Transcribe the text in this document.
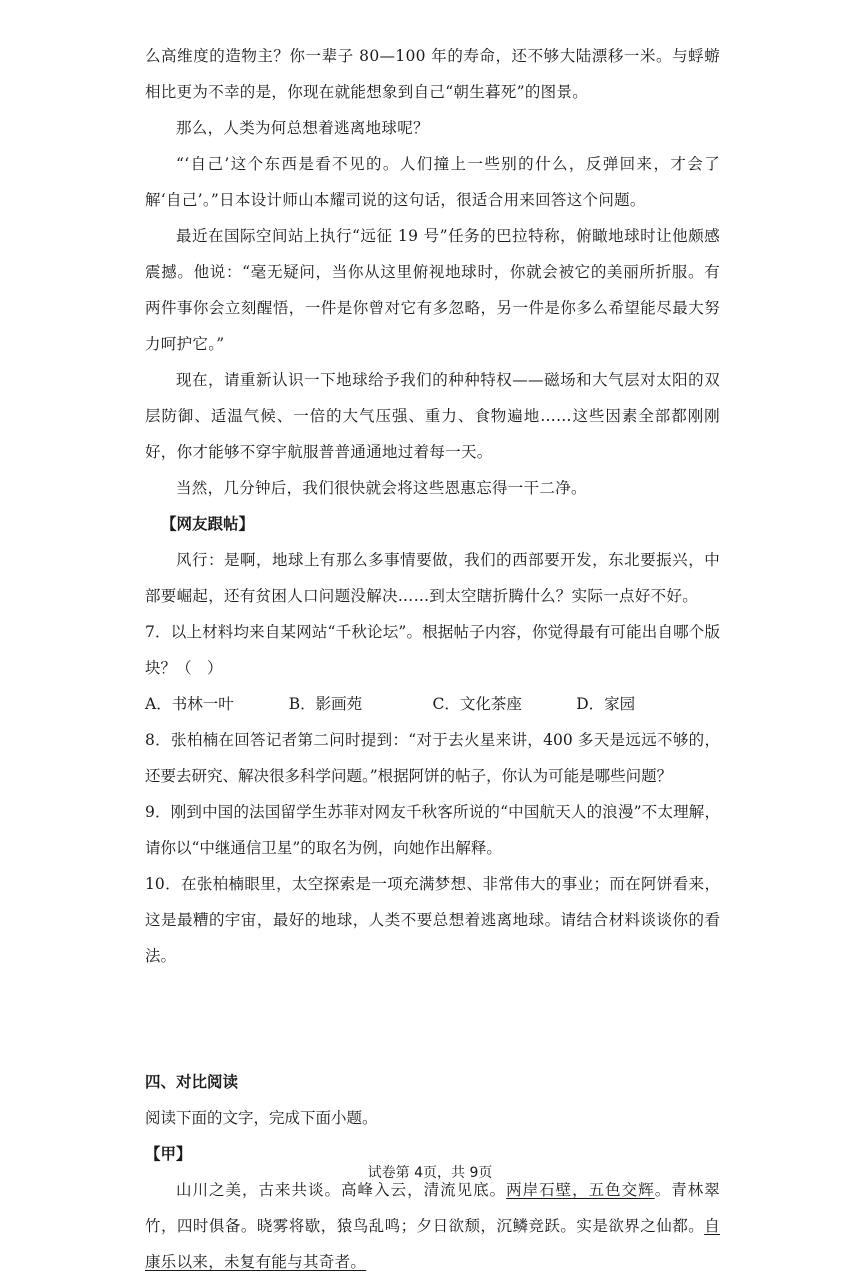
么高维度的造物主？你一辈子 80—100 年的寿命，还不够大陆漂移一米。与蜉蝣相比更为不幸的是，你现在就能想象到自己“朝生暮死”的图景。

那么，人类为何总想着逃离地球呢？

“‘自己’这个东西是看不见的。人们撞上一些别的什么，反弹回来，才会了解‘自己’。”日本设计师山本耀司说的这句话，很适合用来回答这个问题。

最近在国际空间站上执行“远征 19 号”任务的巴拉特称，俯瞰地球时让他颇感震撼。他说：“毫无疑问，当你从这里俯视地球时，你就会被它的美丽所折服。有两件事你会立刻醒悟，一件是你曾对它有多忽略，另一件是你多么希望能尽最大努力呵护它。”

现在，请重新认识一下地球给予我们的种种特权——磁场和大气层对太阳的双层防御、适温气候、一倍的大气压强、重力、食物遍地……这些因素全部都刚刚好，你才能够不穿宇航服普普通通地过着每一天。

当然，几分钟后，我们很快就会将这些恩惠忘得一干二净。

【网友跟帖】

风行：是啊，地球上有那么多事情要做，我们的西部要开发，东北要振兴，中部要崛起，还有贫困人口问题没解决……到太空瞎折腾什么？实际一点好不好。

7．以上材料均来自某网站“千秋论坛”。根据帖子内容，你觉得最有可能出自哪个版块？（　）

A．书林一叶	B．影画苑	C．文化茶座	D．家园

8．张柏楠在回答记者第二问时提到：“对于去火星来讲，400 多天是远远不够的，还要去研究、解决很多科学问题。”根据阿饼的帖子，你认为可能是哪些问题？

9．刚到中国的法国留学生苏菲对网友千秋客所说的“中国航天人的浪漫”不太理解，请你以“中继通信卫星”的取名为例，向她作出解释。

10．在张柏楠眼里，太空探索是一项充满梦想、非常伟大的事业；而在阿饼看来，这是最糟的宇宙，最好的地球，人类不要总想着逃离地球。请结合材料谈谈你的看法。

四、对比阅读

阅读下面的文字，完成下面小题。

【甲】

山川之美，古来共谈。高峰入云，清流见底。两岸石壁，五色交辉。青林翠竹，四时俱备。晓雾将歇，猿鸟乱鸣；夕日欲颓，沉鳞竞跃。实是欲界之仙都。自康乐以来，未复有能与其奇者。

试卷第 4页，共 9页
